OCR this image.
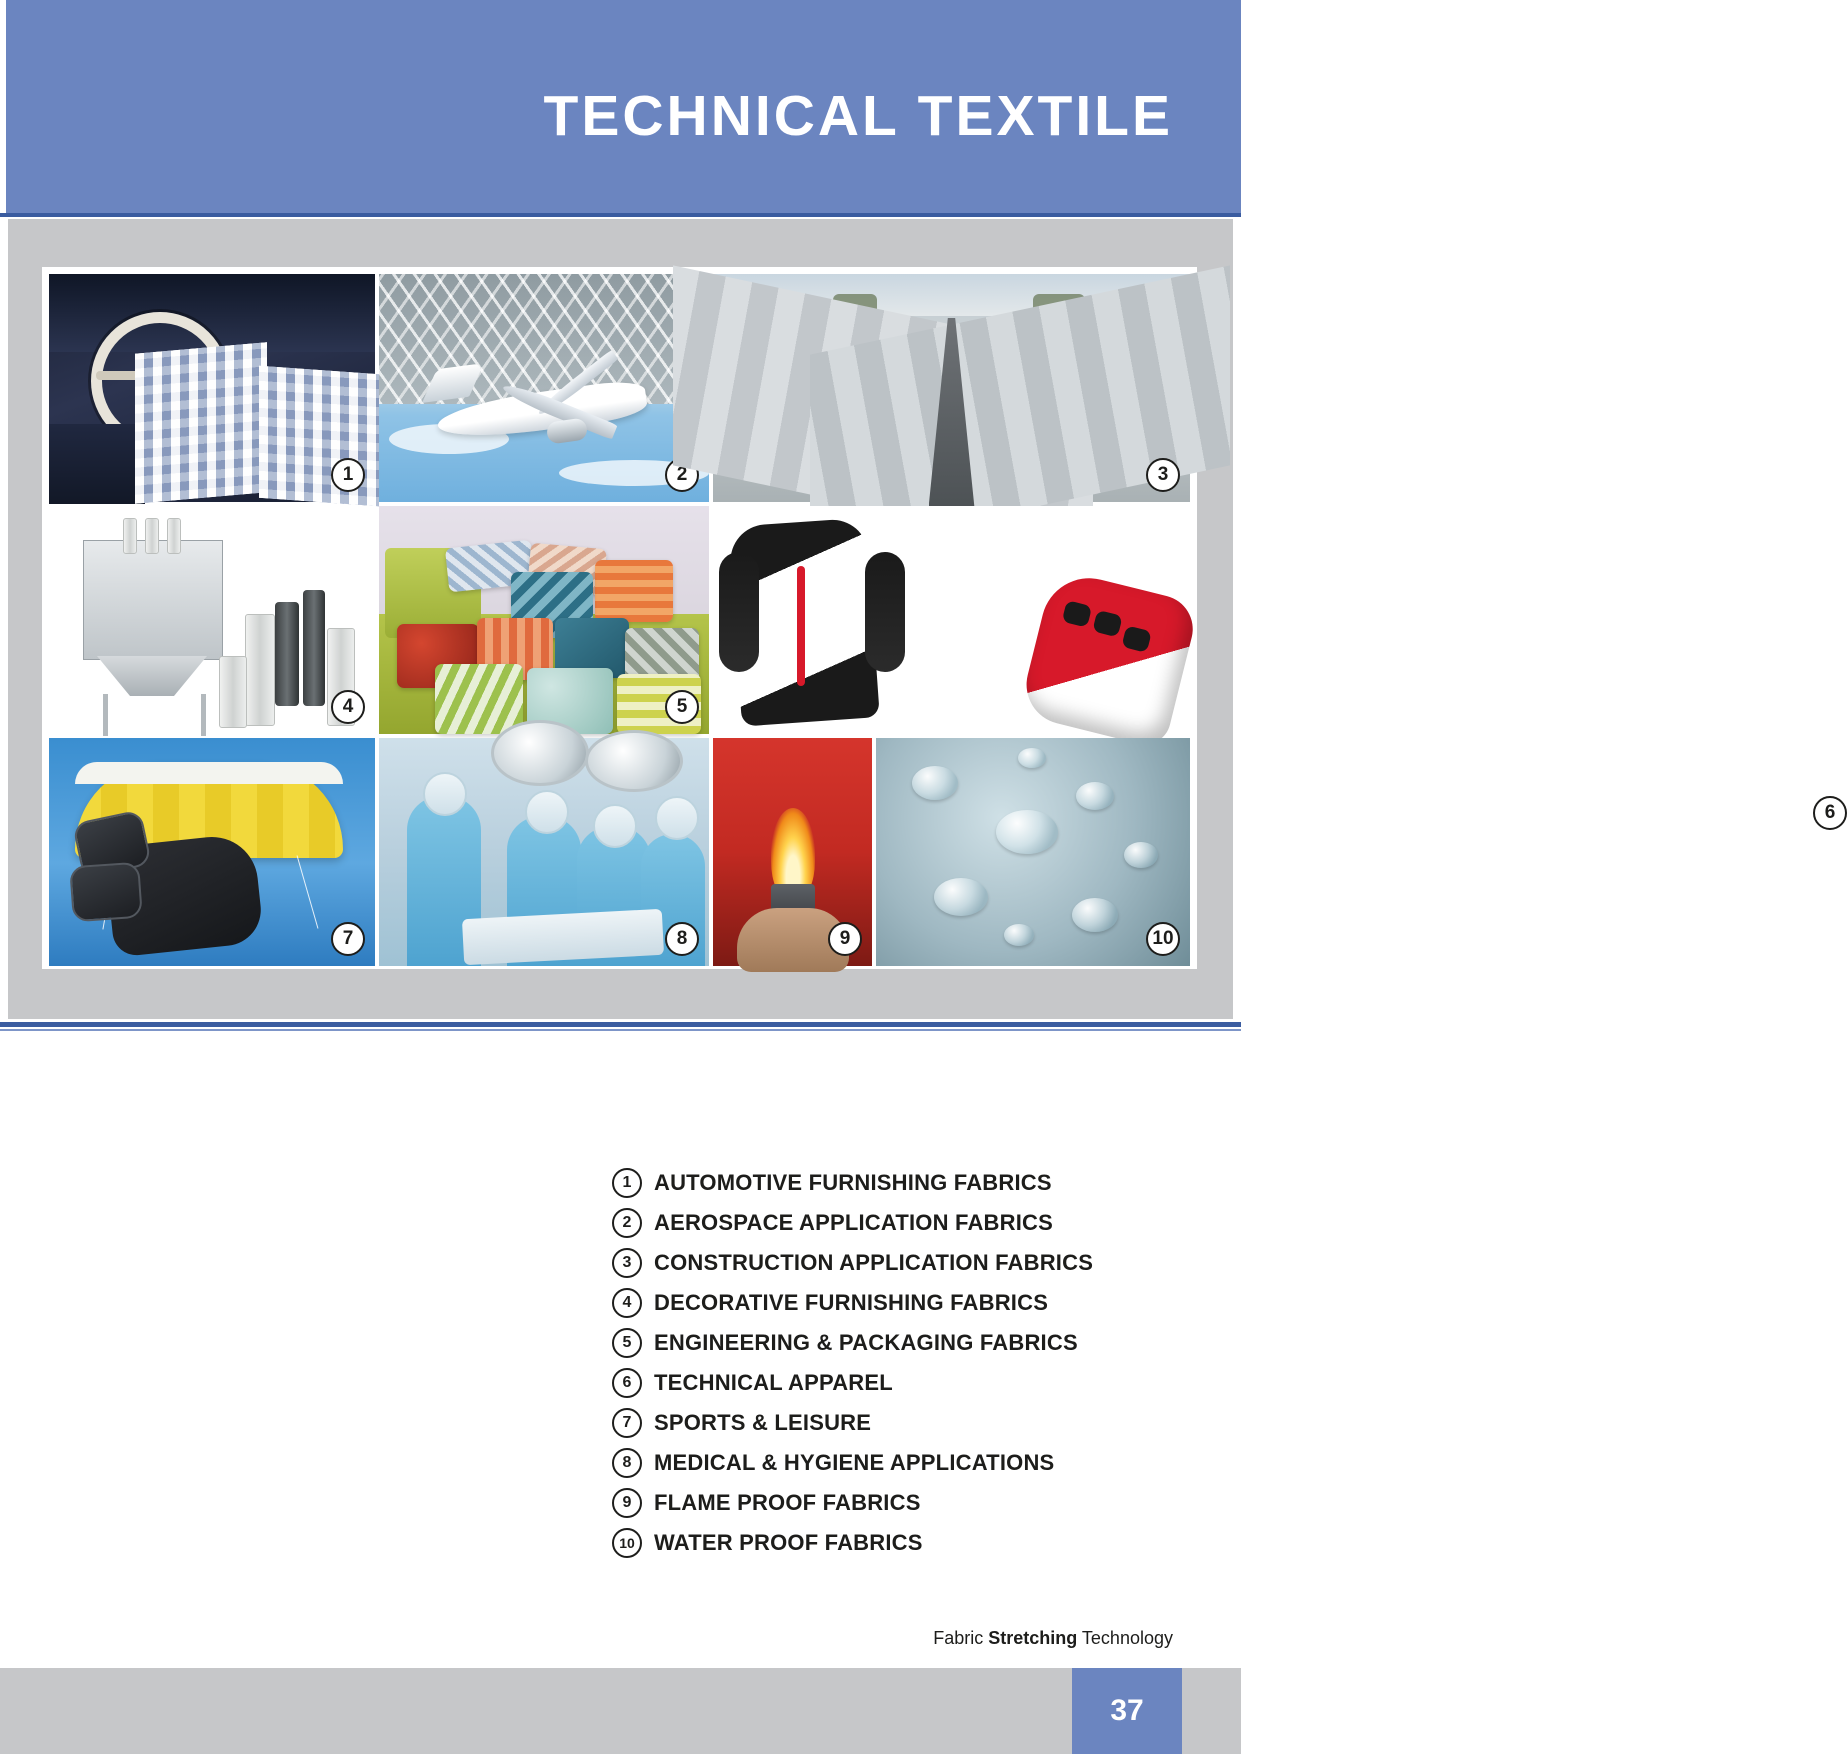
TECHNICAL TEXTILE
1	2	3
4	5
6
7	8	9	10
1	AUTOMOTIVE FURNISHING FABRICS
2	AEROSPACE APPLICATION FABRICS
3	CONSTRUCTION APPLICATION FABRICS
4	DECORATIVE FURNISHING FABRICS
5	ENGINEERING & PACKAGING FABRICS
6	TECHNICAL APPAREL
7	SPORTS & LEISURE
8	MEDICAL & HYGIENE APPLICATIONS
9	FLAME PROOF FABRICS
10 WATER PROOF FABRICS
Fabric Stretching Technology
37
